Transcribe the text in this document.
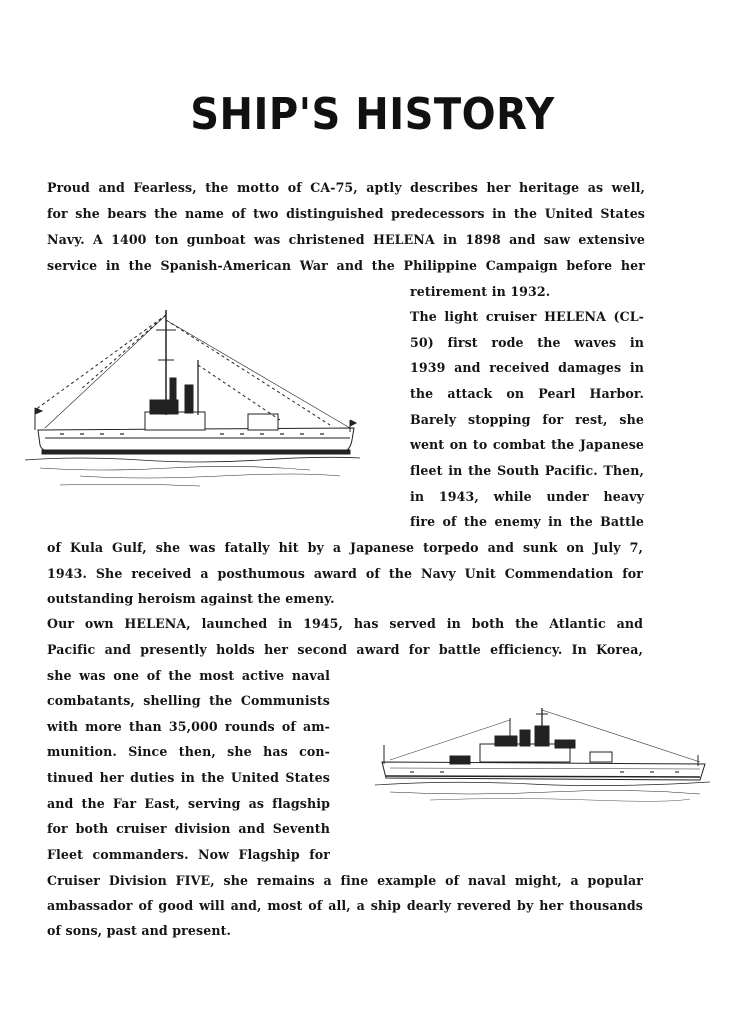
SHIP'S HISTORY
Proud and Fearless, the motto of CA-75, aptly describes her heritage as well,
for she bears the name of two distinguished predecessors in the United States
Navy. A 1400 ton gunboat was christened HELENA in 1898 and saw extensive
service in the Spanish-American War and the Philippine Campaign before her
retirement in 1932.
The light cruiser HELENA (CL-
50) first rode the waves in
1939 and received damages in
the attack on Pearl Harbor.
Barely stopping for rest, she
went on to combat the Japanese
fleet in the South Pacific. Then,
in 1943, while under heavy
fire of the enemy in the Battle
of Kula Gulf, she was fatally hit by a Japanese torpedo and sunk on July 7,
1943. She received a posthumous award of the Navy Unit Commendation for
outstanding heroism against the emeny.
Our own HELENA, launched in 1945, has served in both the Atlantic and
Pacific and presently holds her second award for battle efficiency. In Korea,
she was one of the most active naval
combatants, shelling the Communists
with more than 35,000 rounds of am-
munition. Since then, she has con-
tinued her duties in the United States
and the Far East, serving as flagship
for both cruiser division and Seventh
Fleet commanders. Now Flagship for
Cruiser Division FIVE, she remains a fine example of naval might, a popular
ambassador of good will and, most of all, a ship dearly revered by her thousands
of sons, past and present.
